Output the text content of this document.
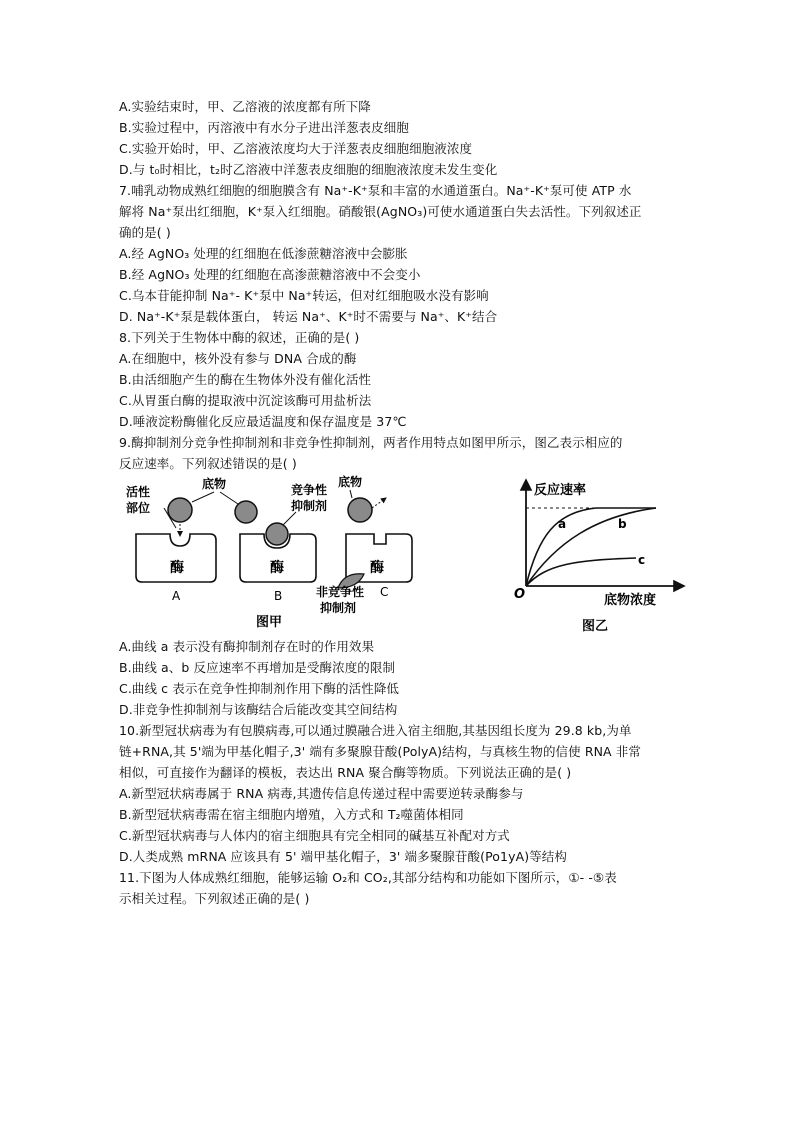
A.实验结束时，甲、乙溶液的浓度都有所下降
B.实验过程中，丙溶液中有水分子进出洋葱表皮细胞
C.实验开始时，甲、乙溶液浓度均大于洋葱表皮细胞细胞液浓度
D.与 t₀时相比，t₂时乙溶液中洋葱表皮细胞的细胞液浓度未发生变化
7.哺乳动物成熟红细胞的细胞膜含有 Na⁺-K⁺泵和丰富的水通道蛋白。Na⁺-K⁺泵可使 ATP 水
解将 Na⁺泵出红细胞，K⁺泵入红细胞。硝酸银(AgNO₃)可使水通道蛋白失去活性。下列叙述正
确的是( )
A.经 AgNO₃ 处理的红细胞在低渗蔗糖溶液中会膨胀
B.经 AgNO₃ 处理的红细胞在高渗蔗糖溶液中不会变小
C.乌本苷能抑制 Na⁺- K⁺泵中 Na⁺转运，但对红细胞吸水没有影响
D. Na⁺-K⁺泵是载体蛋白， 转运 Na⁺、K⁺时不需要与 Na⁺、K⁺结合
8.下列关于生物体中酶的叙述，正确的是( )
A.在细胞中，核外没有参与 DNA 合成的酶
B.由活细胞产生的酶在生物体外没有催化活性
C.从胃蛋白酶的提取液中沉淀该酶可用盐析法
D.唾液淀粉酶催化反应最适温度和保存温度是 37℃
9.酶抑制剂分竞争性抑制剂和非竞争性抑制剂，两者作用特点如图甲所示，图乙表示相应的
反应速率。下列叙述错误的是( )
活性
部位
底物	竞争性
抑制剂
底物
酶
A
酶
B
酶
C
非竞争性
抑制剂
图甲
反应速率
底物浓度
O
a	b
c
图乙
A.曲线 a 表示没有酶抑制剂存在时的作用效果
B.曲线 a、b 反应速率不再增加是受酶浓度的限制
C.曲线 c 表示在竞争性抑制剂作用下酶的活性降低
D.非竞争性抑制剂与该酶结合后能改变其空间结构
10.新型冠状病毒为有包膜病毒,可以通过膜融合进入宿主细胞,其基因组长度为 29.8 kb,为单
链+RNA,其 5'端为甲基化帽子,3' 端有多聚腺苷酸(PolyA)结构，与真核生物的信使 RNA 非常
相似，可直接作为翻译的模板，表达出 RNA 聚合酶等物质。下列说法正确的是( )
A.新型冠状病毒属于 RNA 病毒,其遗传信息传递过程中需要逆转录酶参与
B.新型冠状病毒需在宿主细胞内增殖，入方式和 T₂噬菌体相同
C.新型冠状病毒与人体内的宿主细胞具有完全相同的碱基互补配对方式
D.人类成熟 mRNA 应该具有 5' 端甲基化帽子，3' 端多聚腺苷酸(Po1yA)等结构
11.下图为人体成熟红细胞，能够运输 O₂和 CO₂,其部分结构和功能如下图所示，①- -⑤表
示相关过程。下列叙述正确的是( )
